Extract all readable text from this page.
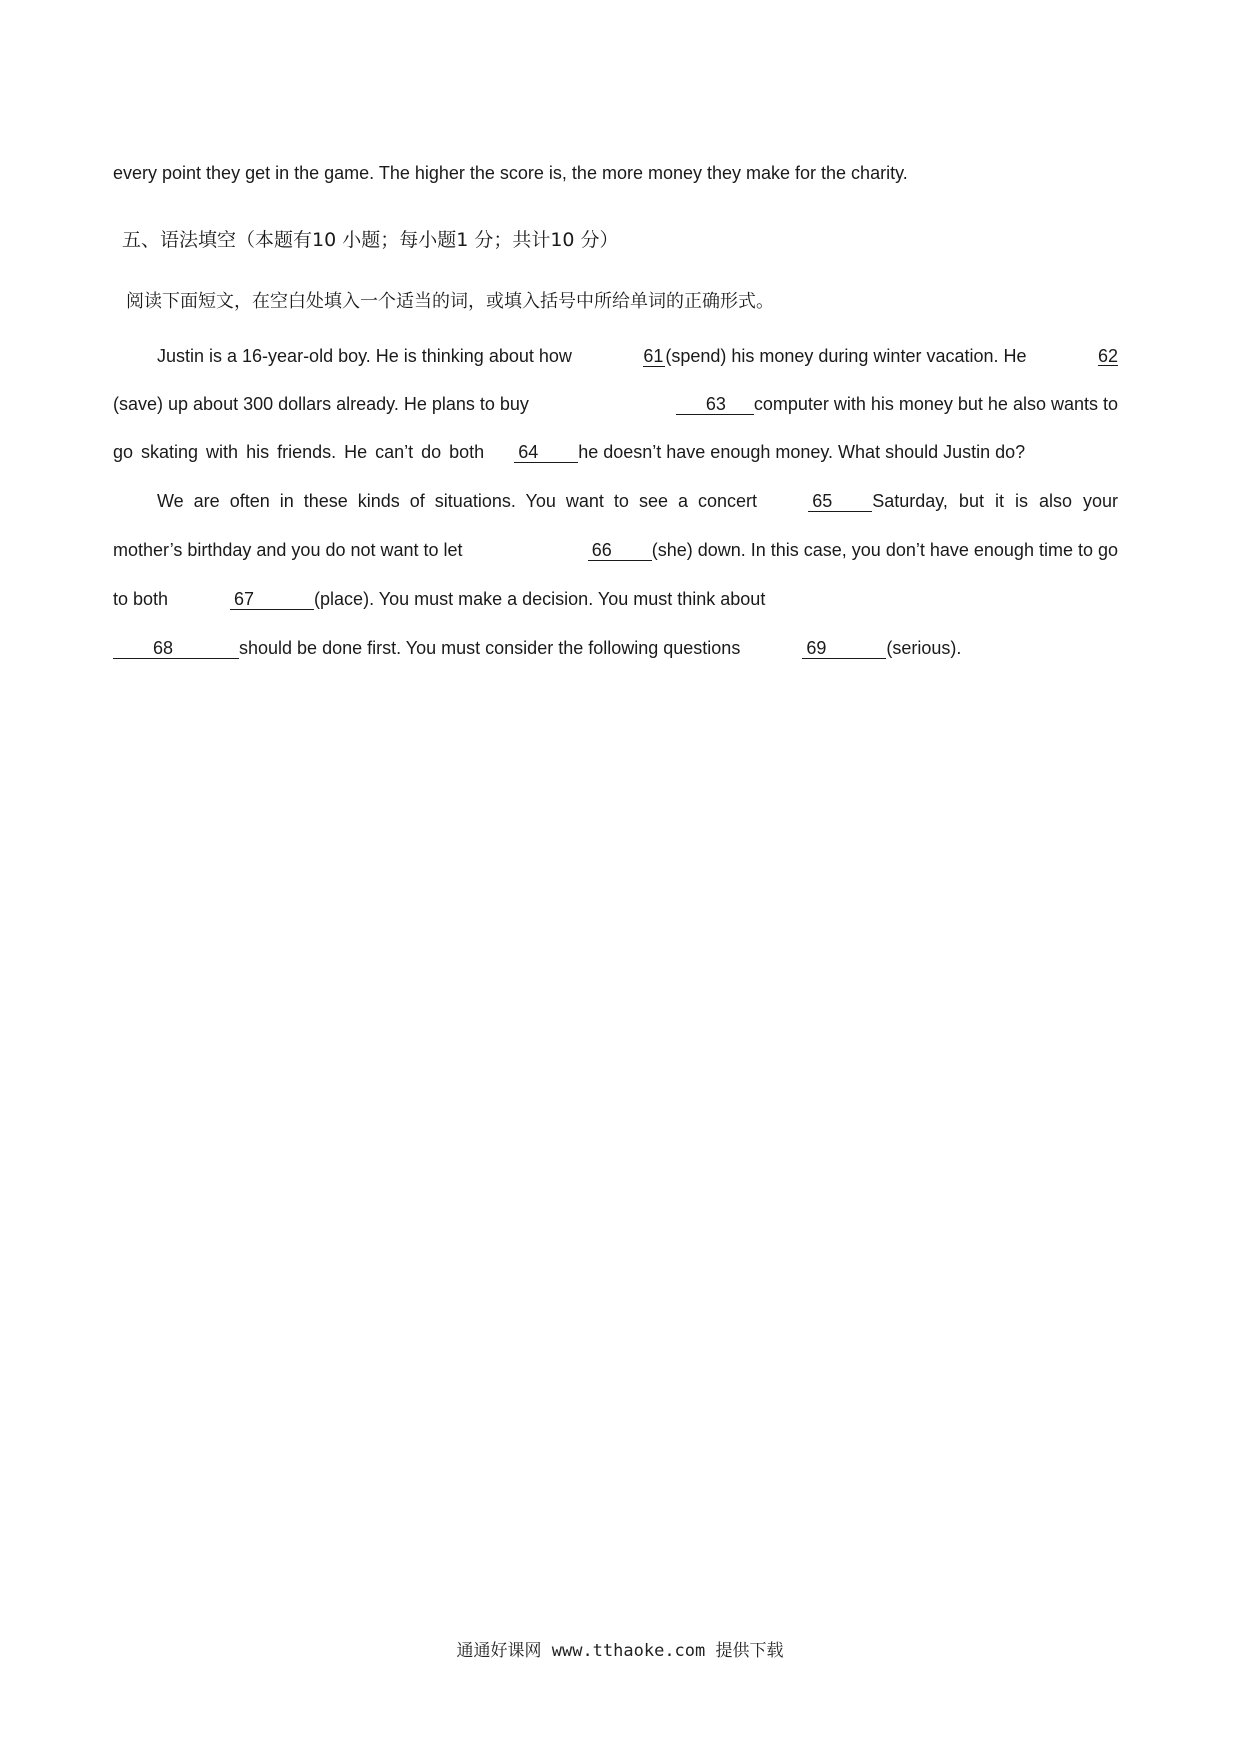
every point they get in the game. The higher the score is, the more money they make for the charity.
五、语法填空（本题有10 小题；每小题1 分；共计10 分）
阅读下面短文，在空白处填入一个适当的词，或填入括号中所给单词的正确形式。
Justin is a 16-year-old boy. He is thinking about how	61 (spend) his money during winter vacation. He	62
(save) up about 300 dollars already. He plans to buy	63 computer with his money but he also wants to
go skating with his friends. He can’t do both 64	he doesn’t have enough money. What should Justin do?
We are often in these kinds of situations. You want to see a concert	65 Saturday, but it is also your
mother’s birthday and you do not want to let	66 (she) down. In this case, you don’t have enough time to go
to both	67	(place). You must make a decision. You must think about
68	should be done first. You must consider the following questions	69	(serious).
通通好课网 www.tthaoke.com 提供下载
